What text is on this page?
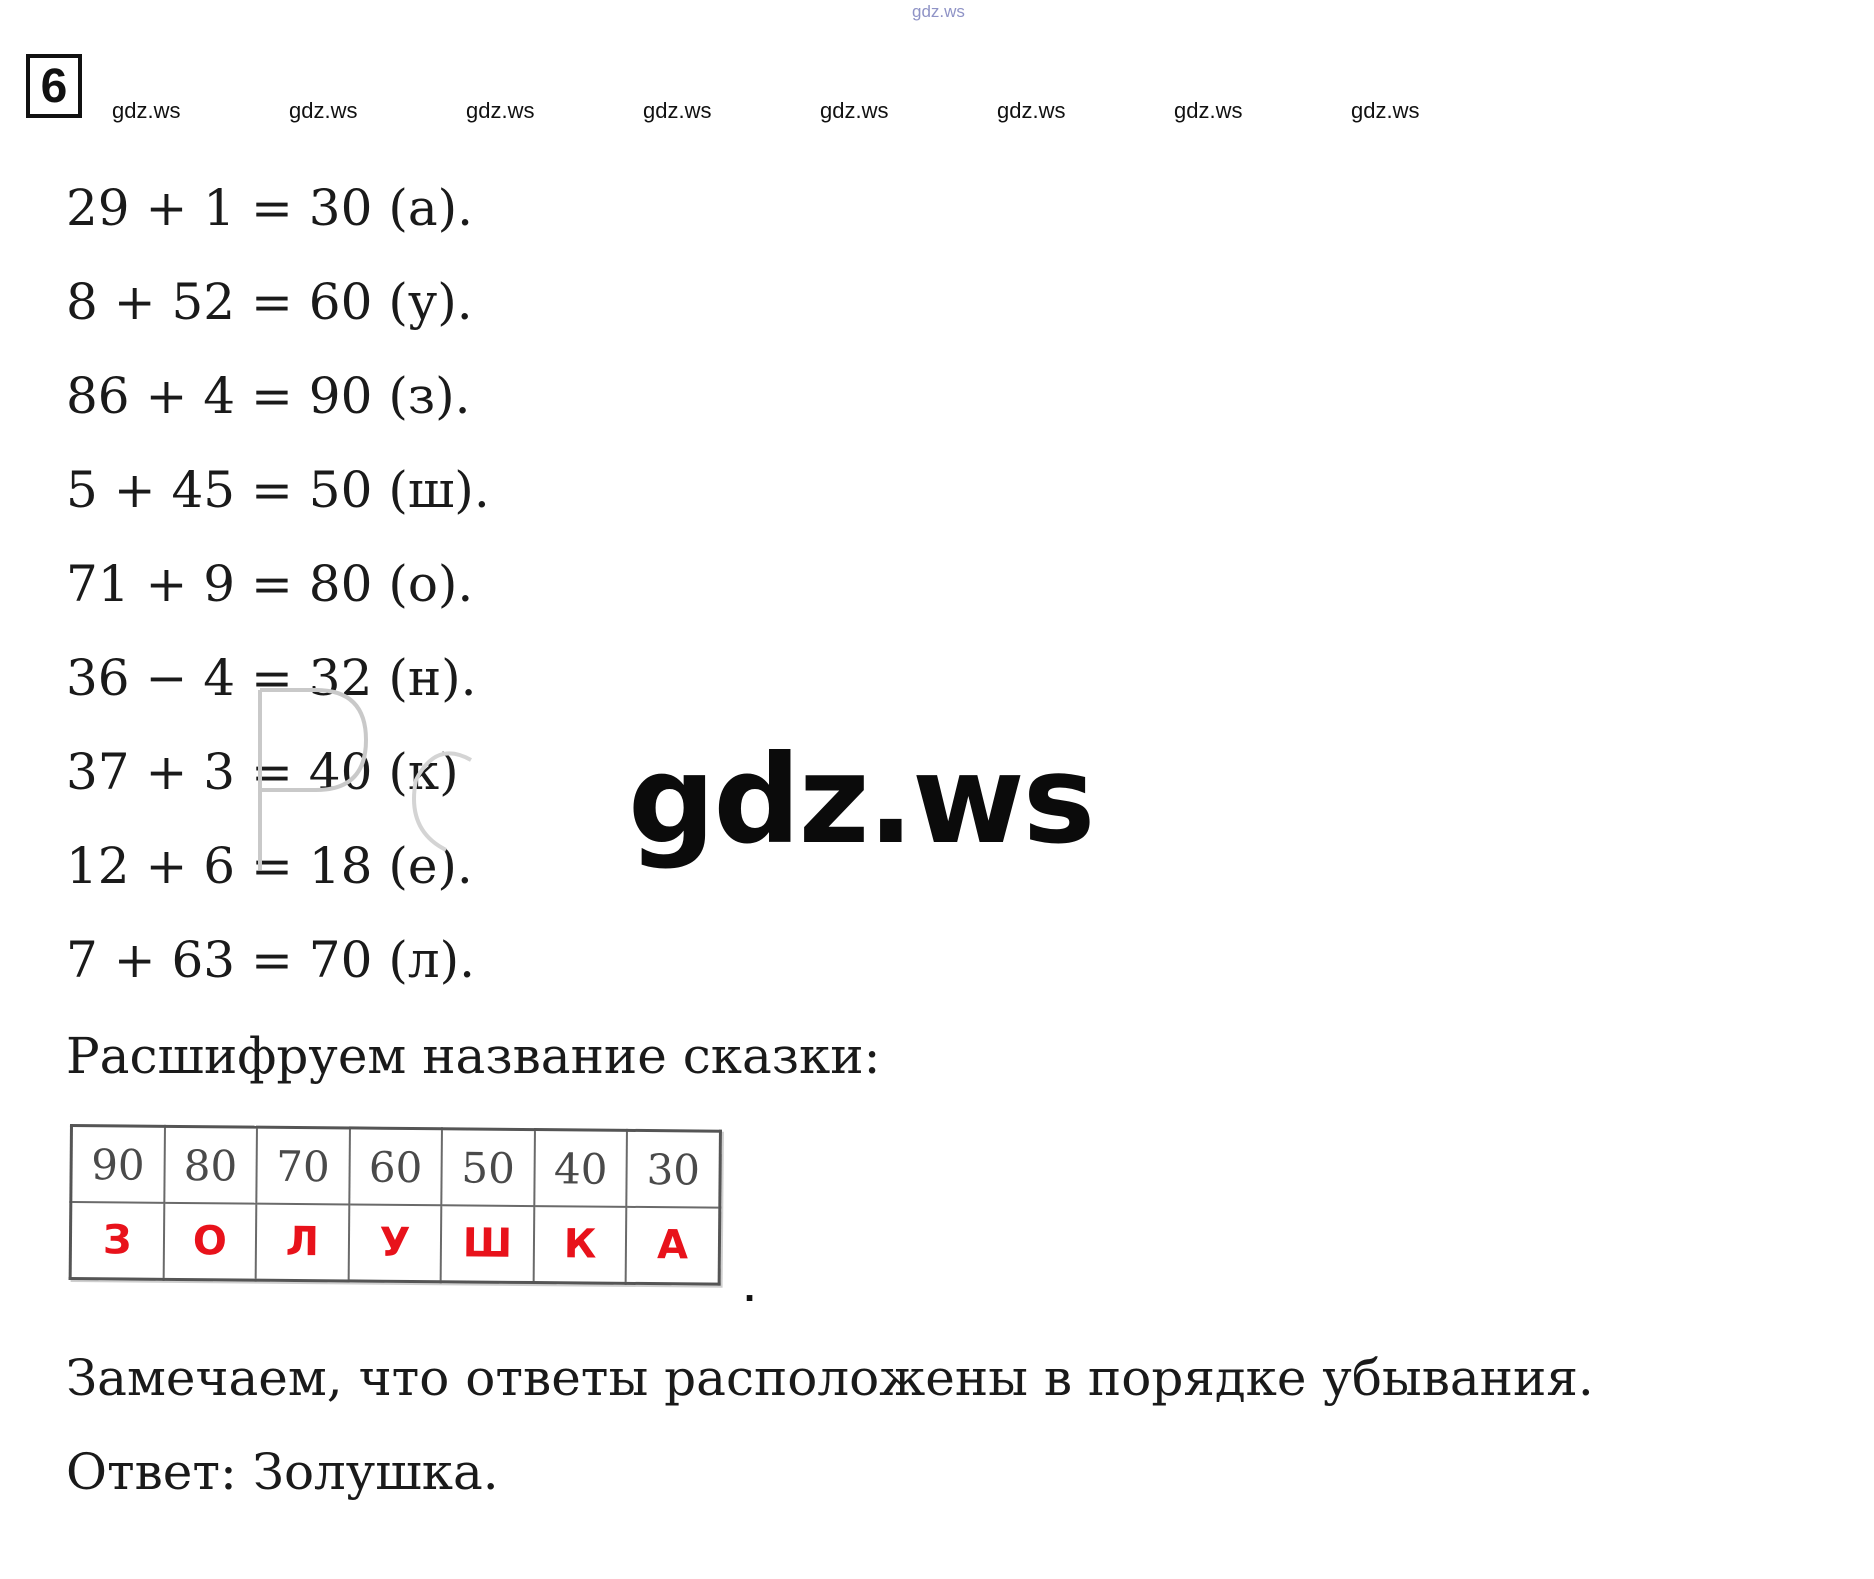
gdz.ws
6	gdz.ws	gdz.ws	gdz.ws	gdz.ws	gdz.ws	gdz.ws	gdz.ws	gdz.ws
29 + 1 = 30 (а).
8 + 52 = 60 (у).
86 + 4 = 90 (з).
5 + 45 = 50 (ш).
71 + 9 = 80 (о).
36 − 4 = 32 (н).
37 + 3 = 40 (к)
12 + 6 = 18 (е).
7 + 63 = 70 (л).
gdz.ws
Расшифруем название сказки:
90	80	70	60	50	40	30
З	О	Л	У	Ш	К	А
.
Замечаем, что ответы расположены в порядке убывания.
Ответ: Золушка.
